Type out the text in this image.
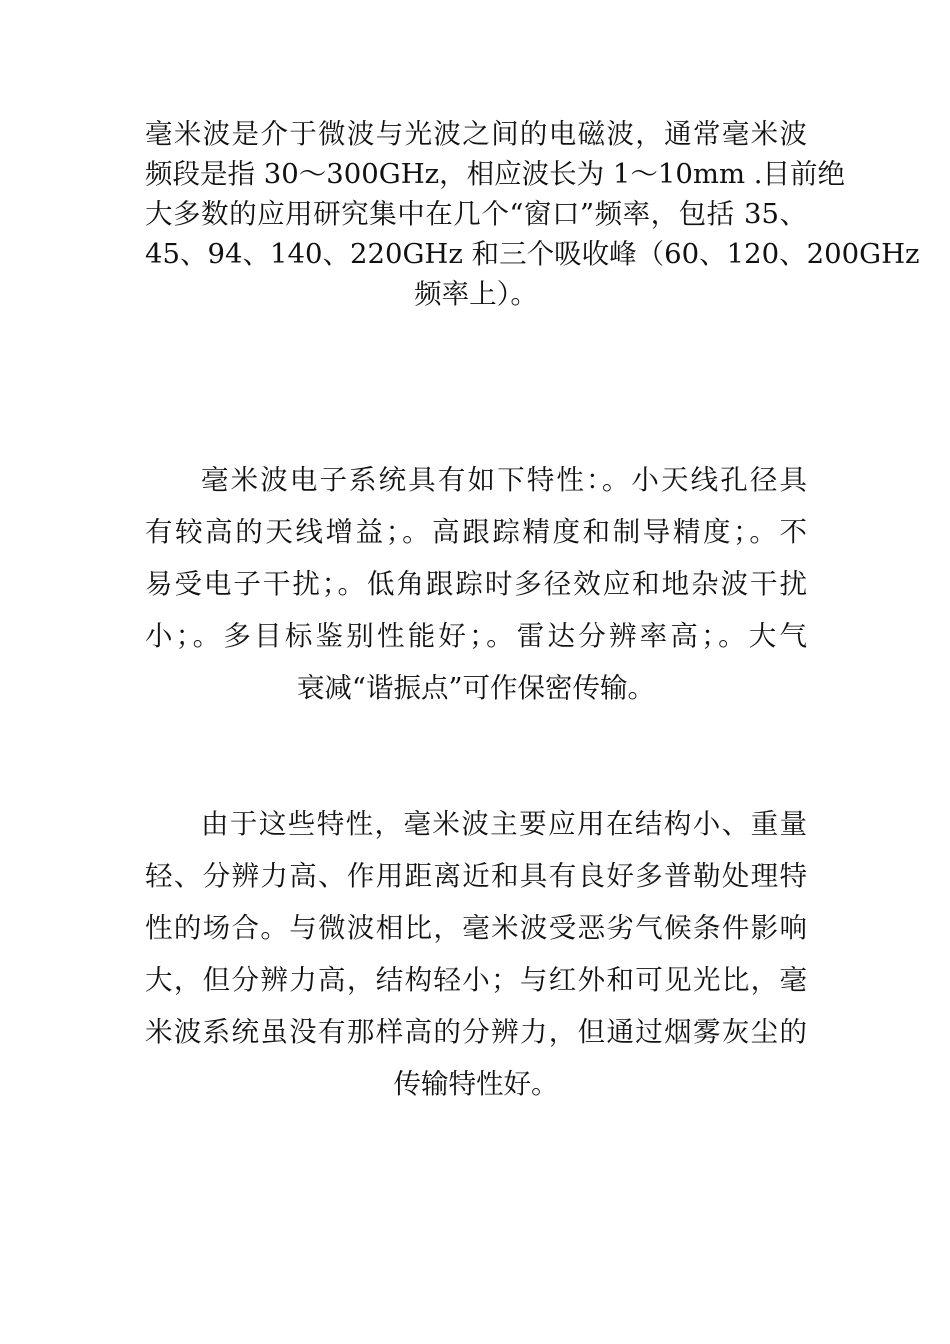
毫米波是介于微波与光波之间的电磁波，通常毫米波
频段是指 30～300GHz，相应波长为 1～10mm .目前绝
大多数的应用研究集中在几个“窗口”频率，包括 35、
45、94、140、220GHz 和三个吸收峰（60、120、200GHz
频率上）。
毫米波电子系统具有如下特性：。小天线孔径具
有较高的天线增益；。高跟踪精度和制导精度；。不
易受电子干扰；。低角跟踪时多径效应和地杂波干扰
小；。多目标鉴别性能好；。雷达分辨率高；。大气
衰减“谐振点”可作保密传输。
由于这些特性，毫米波主要应用在结构小、重量
轻、分辨力高、作用距离近和具有良好多普勒处理特
性的场合。与微波相比，毫米波受恶劣气候条件影响
大，但分辨力高，结构轻小；与红外和可见光比，毫
米波系统虽没有那样高的分辨力，但通过烟雾灰尘的
传输特性好。
